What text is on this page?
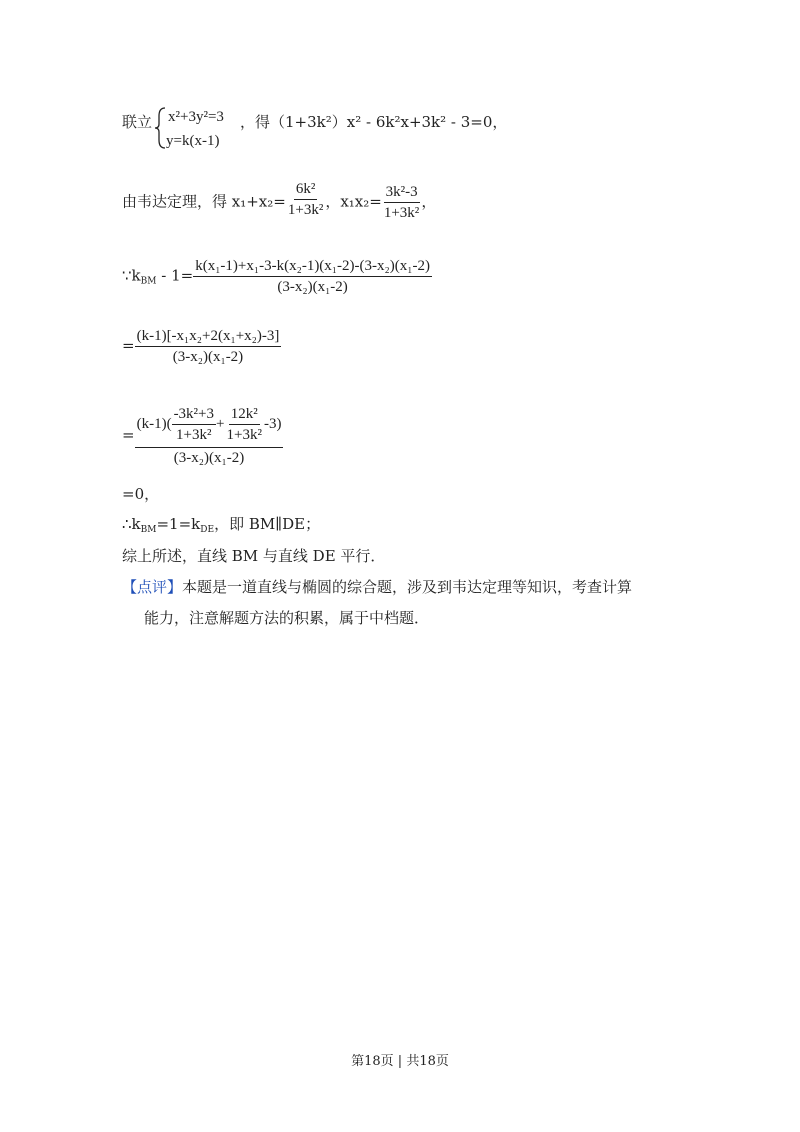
联立 x²+3y²=3
y=k(x-1)
，得（1+3k²）x² - 6k²x+3k² - 3=0，
由韦达定理，得 $x_1+x_2= \frac{\text{6k²}}{\text{1+3k²}}$ ，$x_1x_2= \frac{\text{3k²-3}}{\text{1+3k²}}$ ，
$\because k_{BM} - 1= \frac{\text{k(x₁-1)+x₁-3-k(x₂-1)(x₁-2)-(3-x₂)(x₁-2)}}{\text{(3-x₂)(x₁-2)}}$
= $\frac{\text{(k-1)[-x₁x₂+2(x₁+x₂)-3]}}{\text{(3-x₂)(x₁-2)}}$
=
$(k-1)( \frac{\text{-3k²+3}}{\text{1+3k²}} + \frac{\text{12k²}}{\text{1+3k²}} -3)$
(3-x₂)(x₁-2)
=0，
$\therefore k_{BM}=1=k_{DE}$，即 BM∥DE；
综上所述，直线 BM 与直线 DE 平行．
【点评】本题是一道直线与椭圆的综合题，涉及到韦达定理等知识，考查计算
能力，注意解题方法的积累，属于中档题．
第18页 | 共18页
